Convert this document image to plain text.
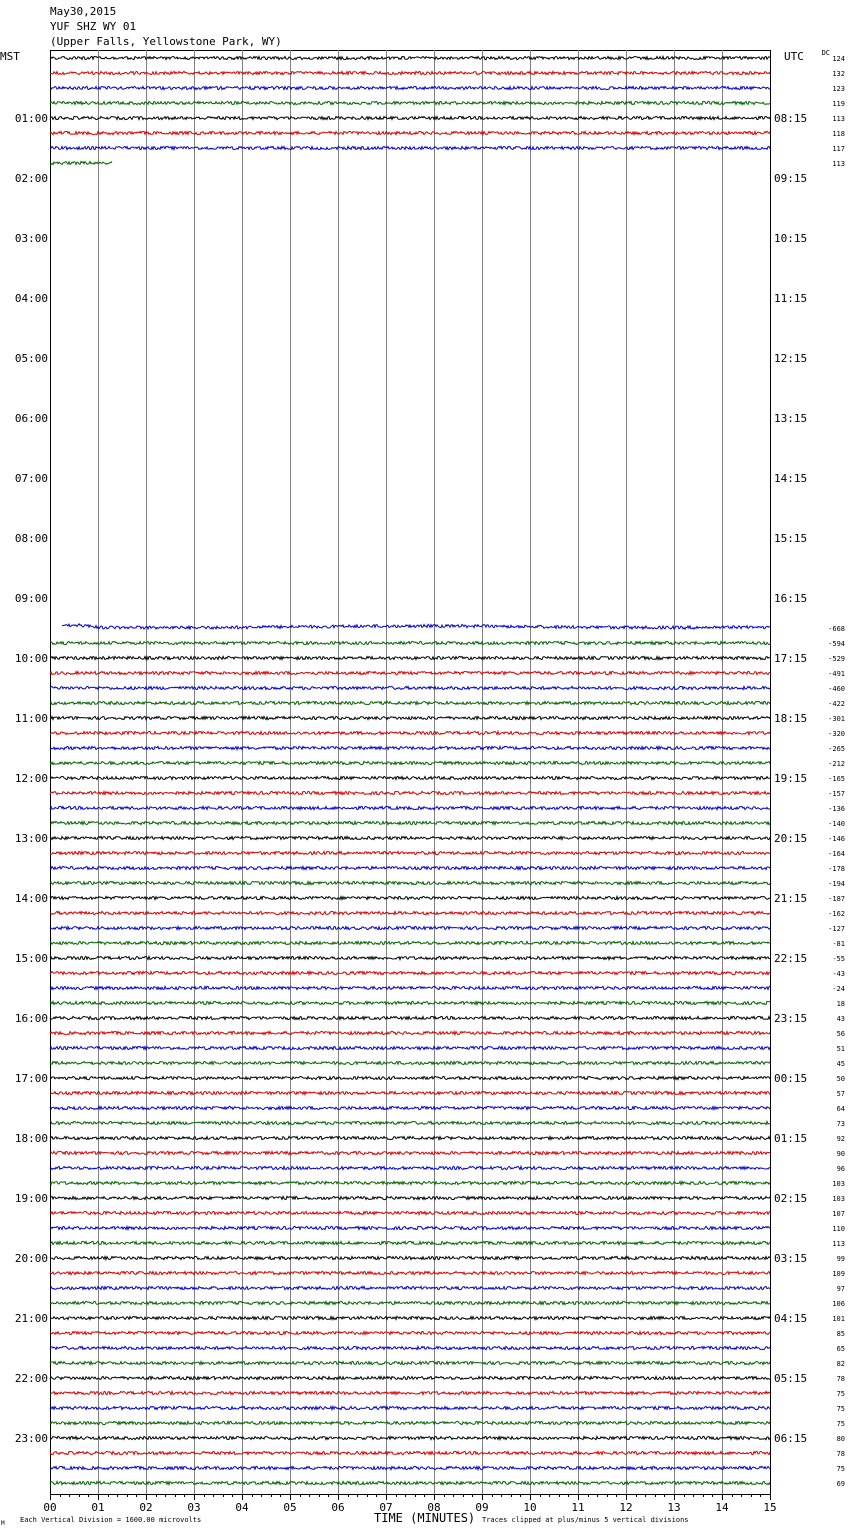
May30,2015
YUF SHZ WY 01
(Upper Falls, Yellowstone Park, WY)
MST	UTC	DC
00	01	02	03	04	05	06	07	08	09	10	11	12	13	14	15
01:00
02:00
03:00
04:00
05:00
06:00
07:00
08:00
09:00
10:00
11:00
12:00
13:00
14:00
15:00
16:00
17:00
18:00
19:00
20:00
21:00
22:00
23:00
08:15
09:15
10:15
11:15
12:15
13:15
14:15
15:15
16:15
17:15
18:15
19:15
20:15
21:15
22:15
23:15
00:15
01:15
02:15
03:15
04:15
05:15
06:15
124
132
123
119
113
118
117
113
-668
-594
-529
-491
-460
-422
-301
-320
-265
-212
-165
-157
-136
-140
-146
-164
-178
-194
-187
-162
-127
-81
-55
-43
-24
18
43
56
51
45
50
57
64
73
92
90
96
103
103
107
110
113
99
109
97
106
101
85
65
82
78
75
75
75
80
78
75
69
TIME (MINUTES)
Each Vertical Division = 1600.00 microvolts	Traces clipped at plus/minus 5 vertical divisions
M
